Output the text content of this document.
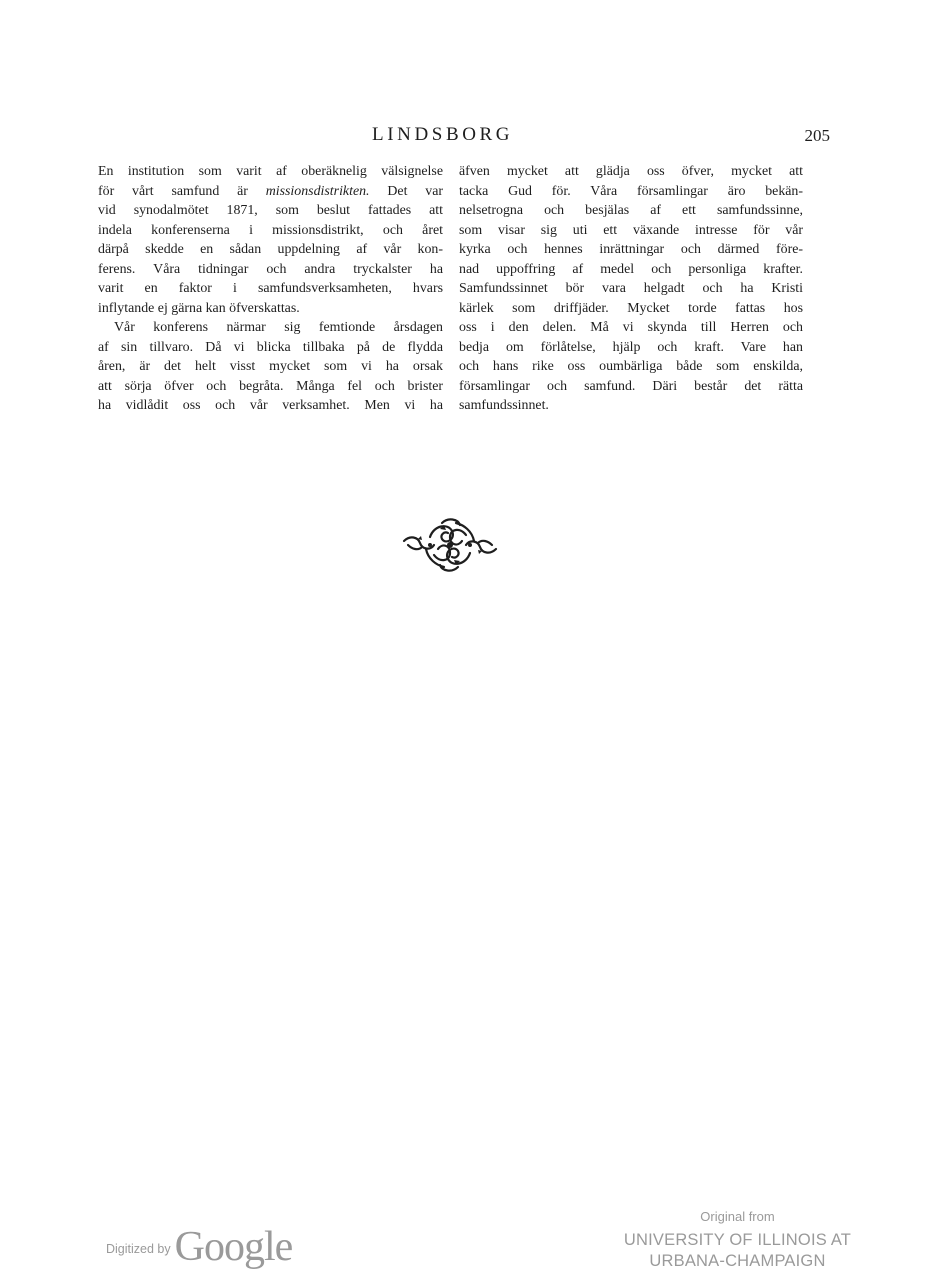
LINDSBORG	205

En institution som varit af oberäknelig välsignelse
för vårt samfund är missionsdistrikten. Det var
vid synodalmötet 1871, som beslut fattades att
indela konferenserna i missionsdistrikt, och året
därpå skedde en sådan uppdelning af vår kon-
ferens. Våra tidningar och andra tryckalster ha
varit en faktor i samfundsverksamheten, hvars
inflytande ej gärna kan öfverskattas.

Vår konferens närmar sig femtionde årsdagen
af sin tillvaro. Då vi blicka tillbaka på de flydda
åren, är det helt visst mycket som vi ha orsak
att sörja öfver och begråta. Många fel och brister
ha vidlådit oss och vår verksamhet. Men vi ha

äfven mycket att glädja oss öfver, mycket att
tacka Gud för. Våra församlingar äro bekän-
nelsetrogna och besjälas af ett samfundssinne,
som visar sig uti ett växande intresse för vår
kyrka och hennes inrättningar och därmed före-
nad uppoffring af medel och personliga krafter.
Samfundssinnet bör vara helgadt och ha Kristi
kärlek som driffjäder. Mycket torde fattas hos
oss i den delen. Må vi skynda till Herren och
bedja om förlåtelse, hjälp och kraft. Vare han
och hans rike oss oumbärliga både som enskilda,
församlingar och samfund. Däri består det rätta
samfundssinnet.

Digitized by Google
Original from
UNIVERSITY OF ILLINOIS AT
URBANA-CHAMPAIGN
